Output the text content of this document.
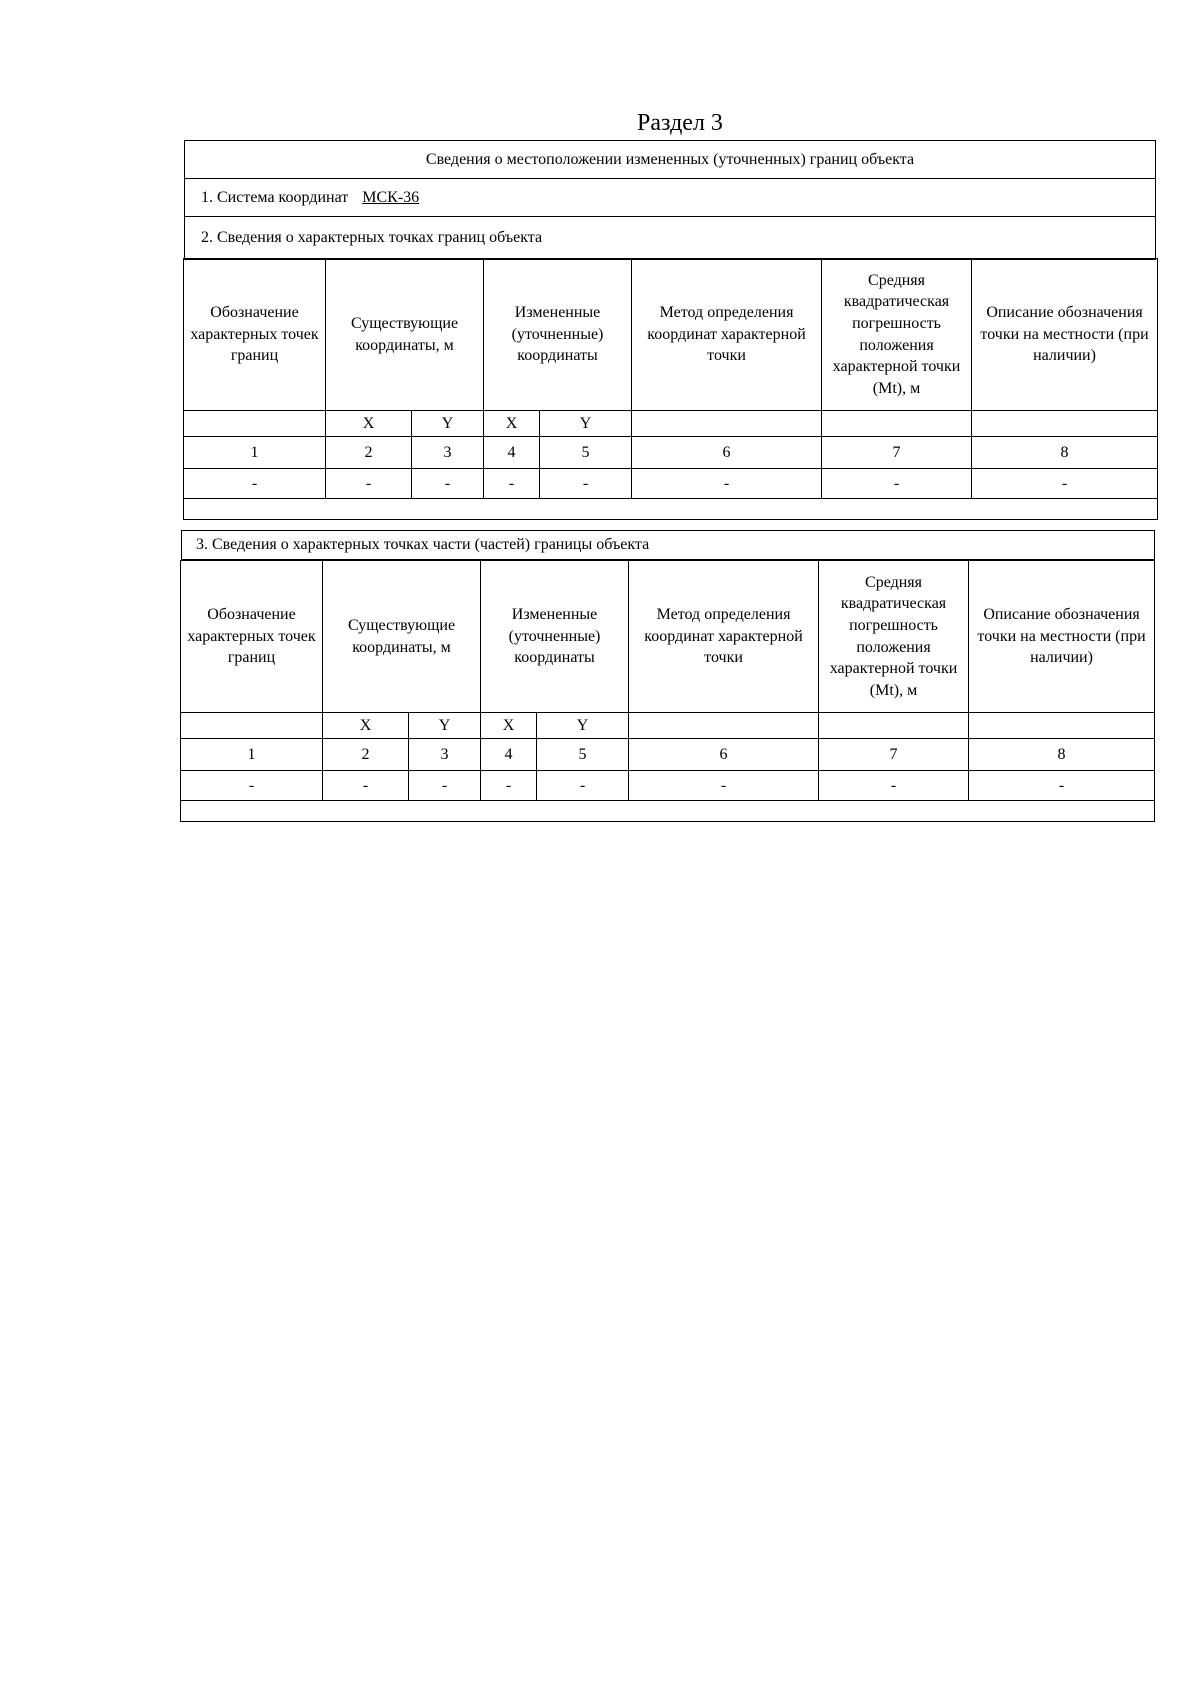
Раздел 3
Сведения о местоположении измененных (уточненных) границ объекта
1. Система координат МСК-36
2. Сведения о характерных точках границ объекта
Обозначение характерных точек границ	Существующие координаты, м		Измененные (уточненные) координаты		Метод определения координат характерной точки	Средняя квадратическая погрешность положения характерной точки (Mt), м	Описание обозначения точки на местности (при наличии)
	X	Y	X	Y			
1	2	3	4	5	6	7	8
-	-	-	-	-	-	-	-

3. Сведения о характерных точках части (частей) границы объекта
Обозначение характерных точек границ	Существующие координаты, м		Измененные (уточненные) координаты		Метод определения координат характерной точки	Средняя квадратическая погрешность положения характерной точки (Mt), м	Описание обозначения точки на местности (при наличии)
	X	Y	X	Y			
1	2	3	4	5	6	7	8
-	-	-	-	-	-	-	-
